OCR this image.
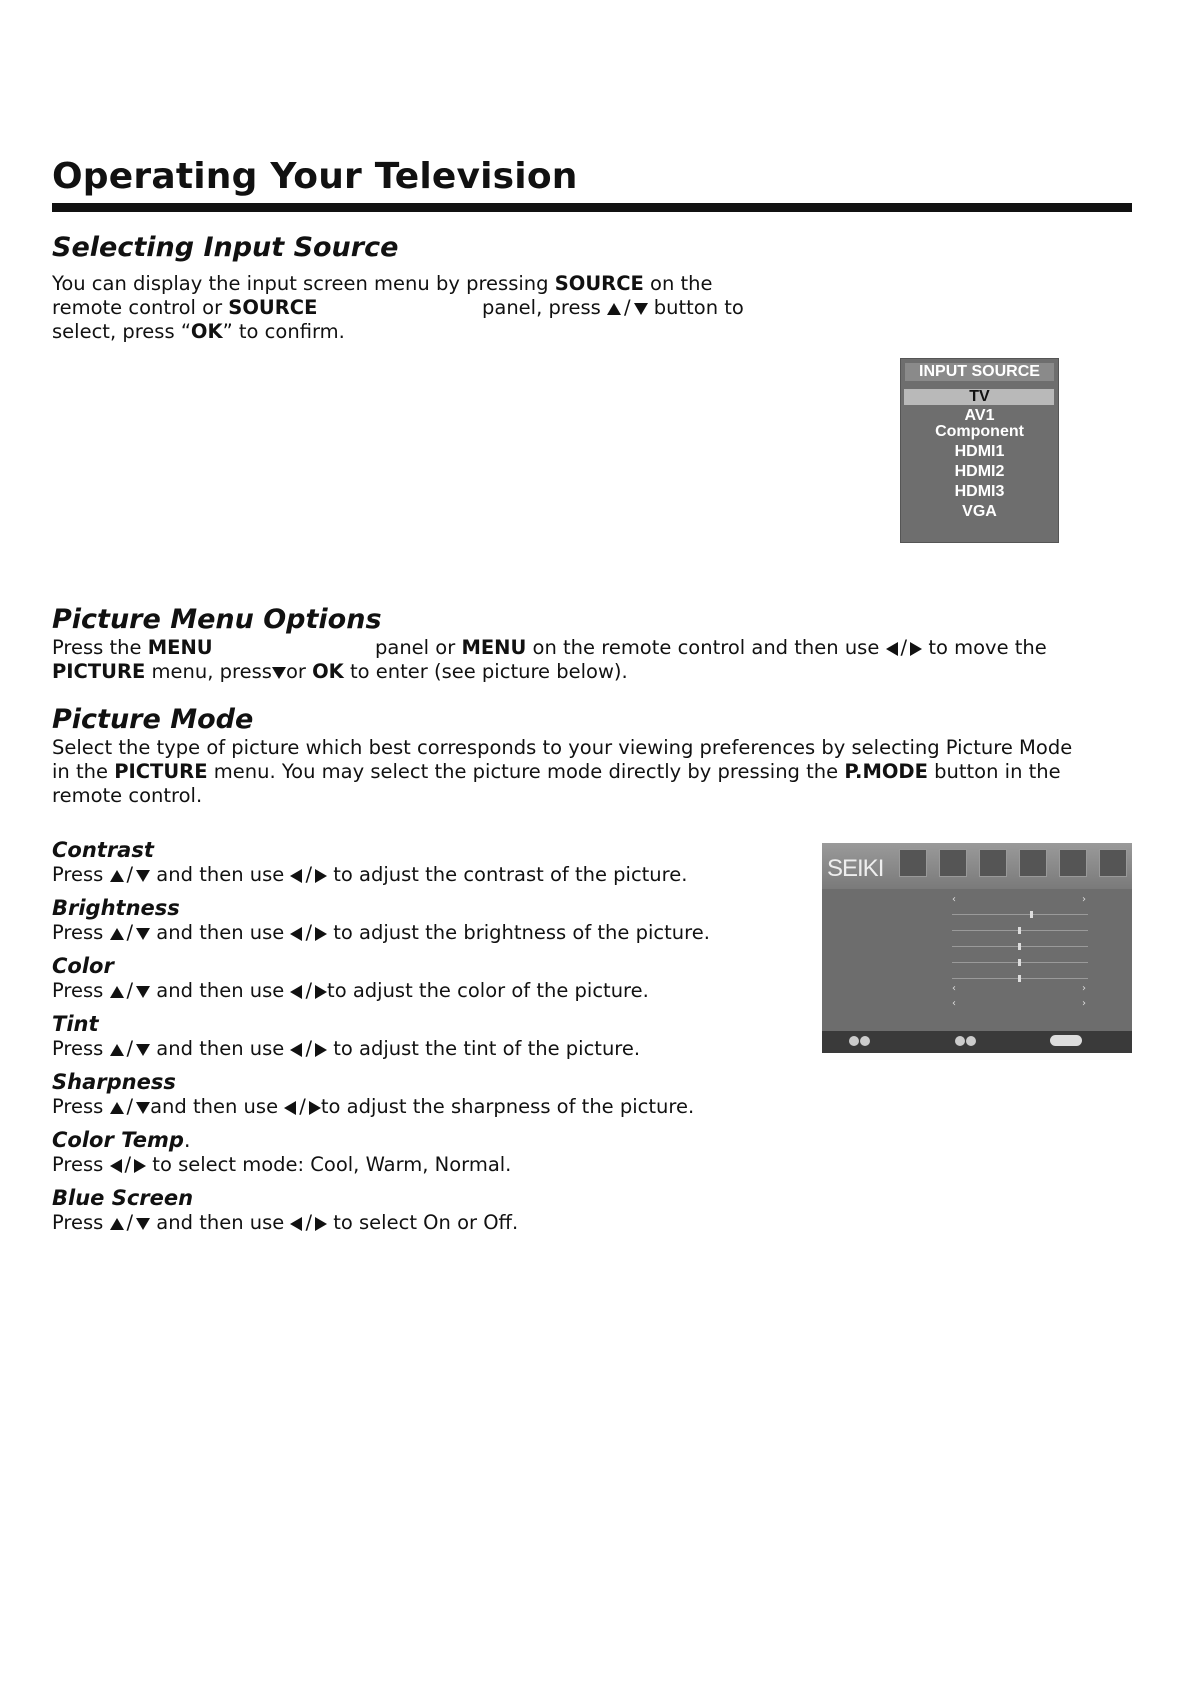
Operating Your Television
Selecting Input Source
You can display the input screen menu by pressing SOURCE on the
remote control or SOURCE	panel, press / button to
select, press “OK” to confirm.
INPUT SOURCE
TV
AV1
Component
HDMI1
HDMI2
HDMI3
VGA
Picture Menu Options
Press the MENU	panel or MENU on the remote control and then use / to move the
PICTURE menu, press or OK to enter (see picture below).
Picture Mode
Select the type of picture which best corresponds to your viewing preferences by selecting Picture Mode
in the PICTURE menu. You may select the picture mode directly by pressing the P.MODE button in the
remote control.
Contrast
Press / and then use / to adjust the contrast of the picture.
Brightness
Press / and then use / to adjust the brightness of the picture.
Color
Press / and then use / to adjust the color of the picture.
Tint
Press / and then use / to adjust the tint of the picture.
Sharpness
Press / and then use / to adjust the sharpness of the picture.
Color Temp.
Press / to select mode: Cool, Warm, Normal.
Blue Screen
Press / and then use / to select On or Off.
SEIKI
‹	›
‹	›
‹	›
